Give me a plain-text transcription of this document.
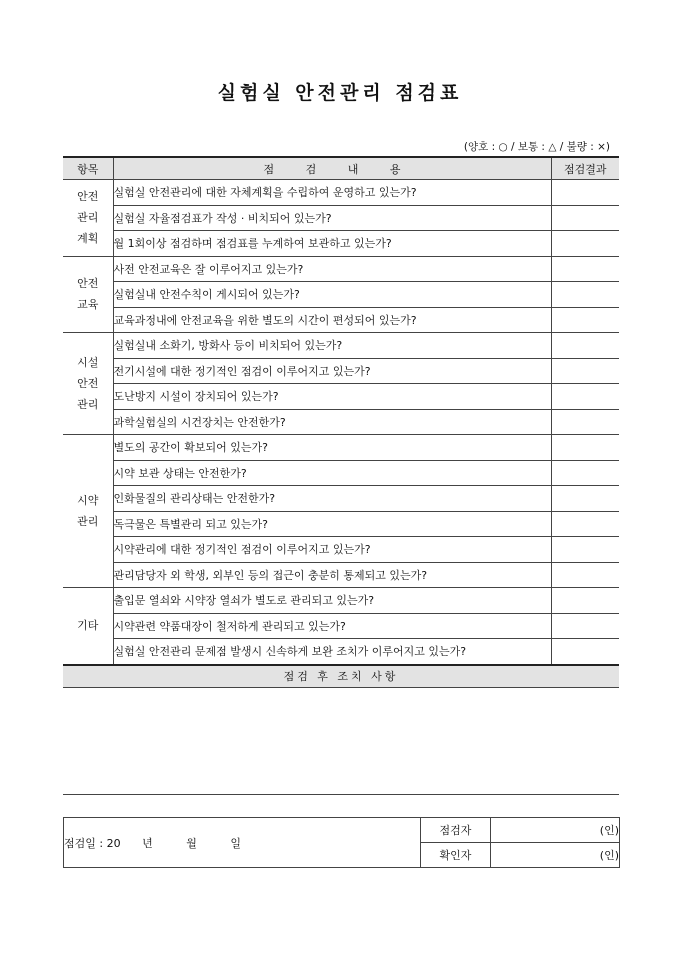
실험실 안전관리 점검표
(양호 : ○ / 보통 : △ / 불량 : ×)
항목	점 검 내 용	점검결과
안전
관리
계획	실험실 안전관리에 대한 자체계획을 수립하여 운영하고 있는가?	
	실험실 자율점검표가 작성 · 비치되어 있는가?	
	월 1회이상 점검하며 점검표를 누계하여 보관하고 있는가?	
안전
교육	사전 안전교육은 잘 이루어지고 있는가?	
	실험실내 안전수칙이 게시되어 있는가?	
	교육과정내에 안전교육을 위한 별도의 시간이 편성되어 있는가?	
시설
안전
관리	실험실내 소화기, 방화사 등이 비치되어 있는가?	
	전기시설에 대한 정기적인 점검이 이루어지고 있는가?	
	도난방지 시설이 장치되어 있는가?	
	과학실험실의 시건장치는 안전한가?	
시약
관리	별도의 공간이 확보되어 있는가?	
	시약 보관 상태는 안전한가?	
	인화물질의 관리상태는 안전한가?	
	독극물은 특별관리 되고 있는가?	
	시약관리에 대한 정기적인 점검이 이루어지고 있는가?	
	관리담당자 외 학생, 외부인 등의 접근이 충분히 통제되고 있는가?	
기타	출입문 열쇠와 시약장 열쇠가 별도로 관리되고 있는가?	
	시약관련 약품대장이 철저하게 관리되고 있는가?	
	실험실 안전관리 문제점 발생시 신속하게 보완 조치가 이루어지고 있는가?	
점검 후 조치 사항		

점검일 : 20 년 월 일	점검자	(인)
	확인자	(인)
